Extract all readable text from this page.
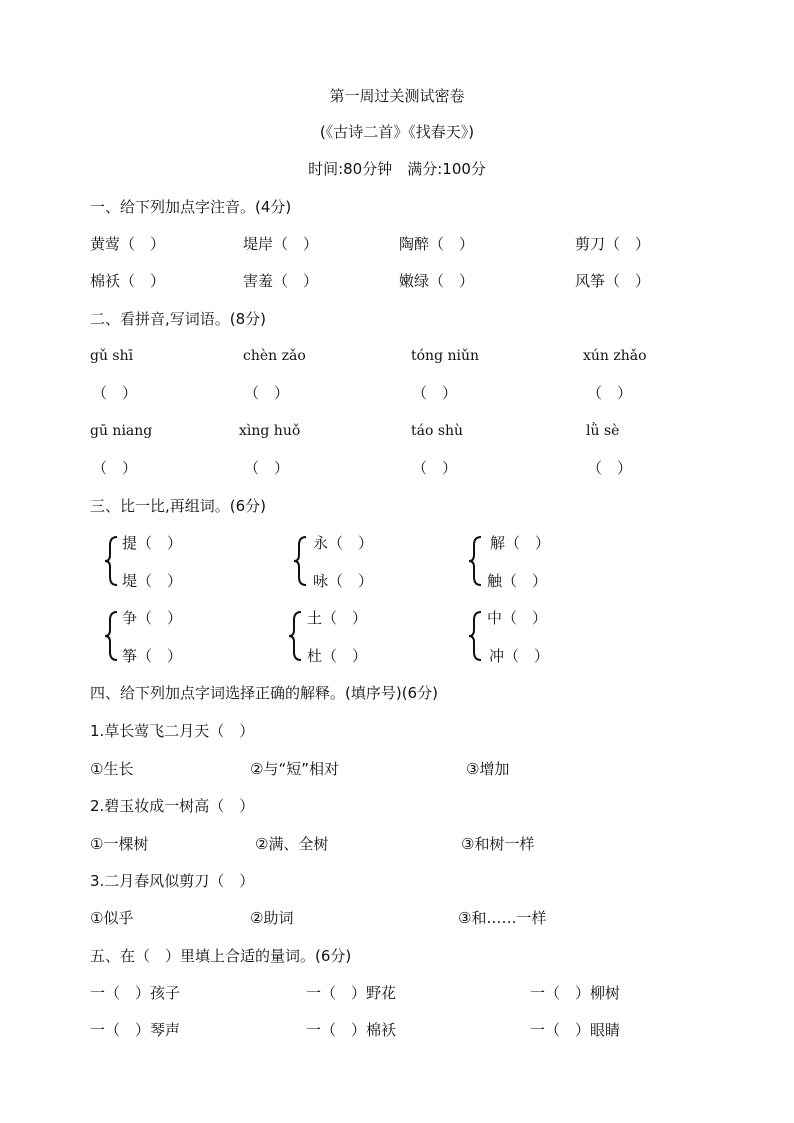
第一周过关测试密卷
(《古诗二首》《找春天》)
时间:80分钟　满分:100分
一、给下列加点字注音。(4分)
黄莺（　）	堤岸（　）	陶醉（　）	剪刀（　）
棉袄（　）	害羞（　）	嫩绿（　）	风筝（　）
二、看拼音,写词语。(8分)
gǔ shī	chèn zǎo	tóng niǔn	xún zhǎo
（　）	（　）	（　）	（　）
gū niang	xìng huǒ	táo shù	lǜ sè
（　）	（　）	（　）	（　）
三、比一比,再组词。(6分)
提（　）
堤（　）
永（　）
咏（　）
解（　）
触（　）
争（　）
筝（　）
土（　）
杜（　）
中（　）
冲（　）
四、给下列加点字词选择正确的解释。(填序号)(6分)
1.草长莺飞二月天（　）
①生长	②与“短”相对	③增加
2.碧玉妆成一树高（　）
①一棵树	②满、全树	③和树一样
3.二月春风似剪刀（　）
①似乎	②助词	③和……一样
五、在（　）里填上合适的量词。(6分)
一（　）孩子	一（　）野花	一（　）柳树
一（　）琴声	一（　）棉袄	一（　）眼睛
